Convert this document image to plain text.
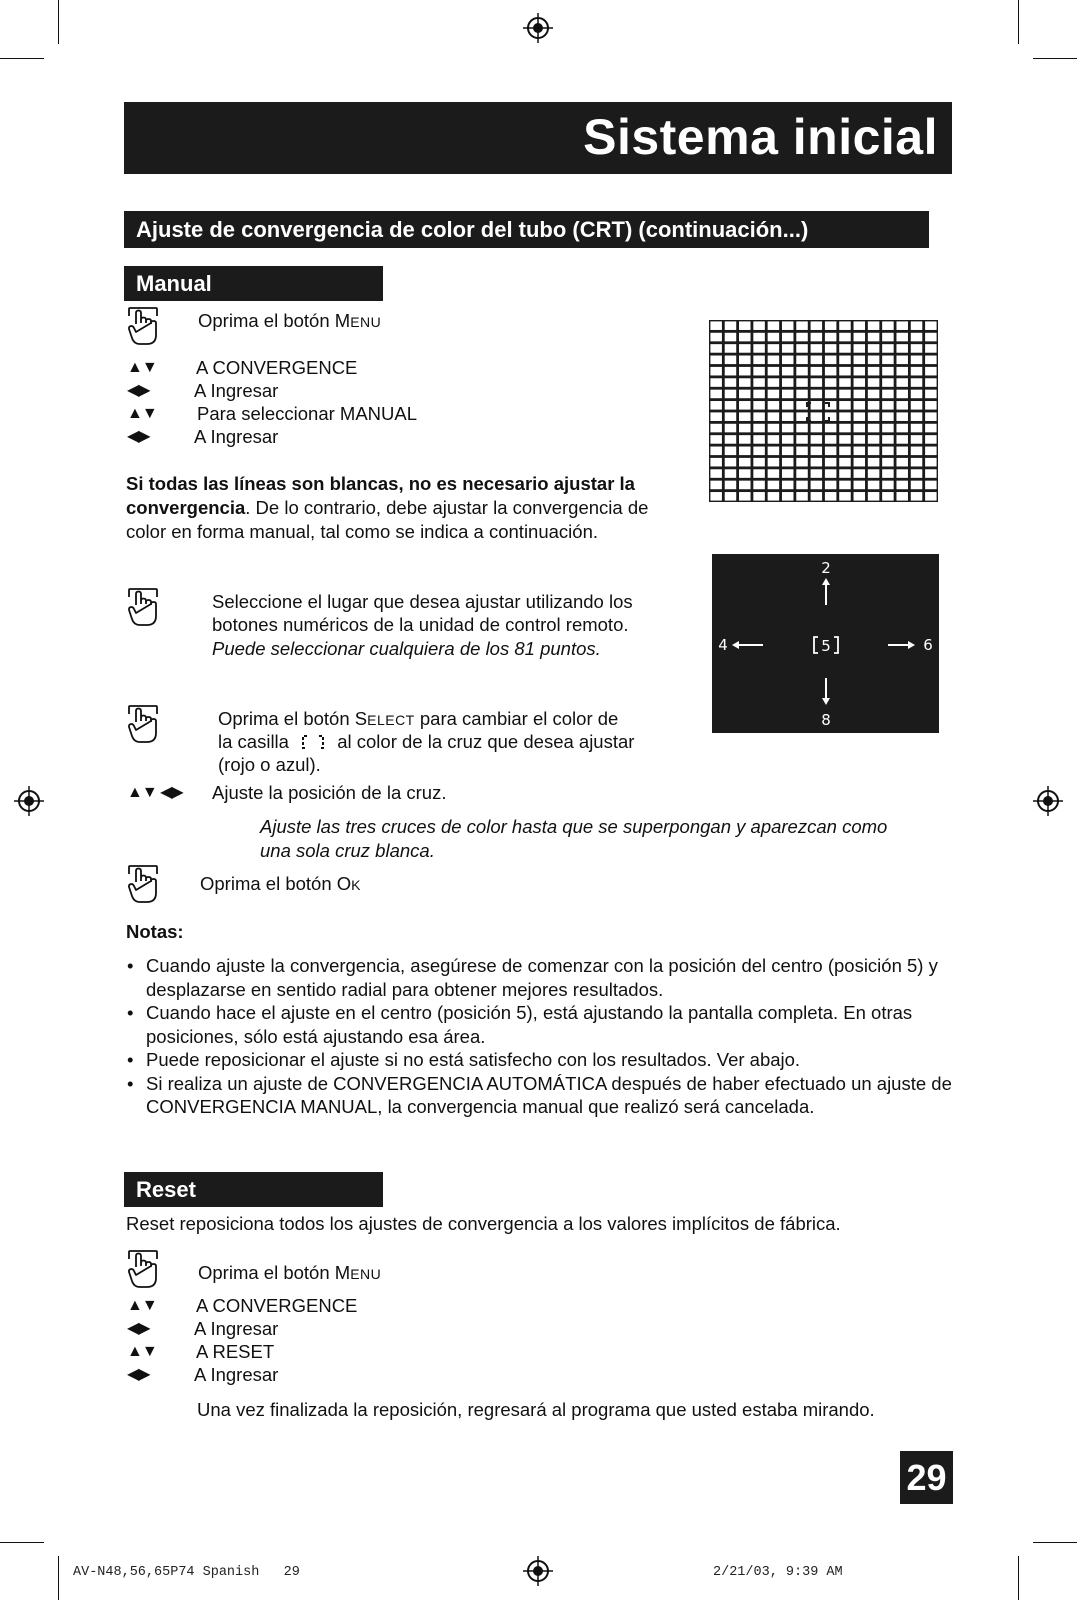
Sistema inicial
Ajuste de convergencia de color del tubo (CRT) (continuación...)
Manual
Oprima el botón MENU
▲▼ A CONVERGENCE
◀▶ A Ingresar
▲▼ Para seleccionar MANUAL
◀▶ A Ingresar
Si todas las líneas son blancas, no es necesario ajustar la
convergencia. De lo contrario, debe ajustar la convergencia de
color en forma manual, tal como se indica a continuación.
Seleccione el lugar que desea ajustar utilizando los
botones numéricos de la unidad de control remoto.
Puede seleccionar cualquiera de los 81 puntos.
2
4	5	6
8
Oprima el botón SELECT para cambiar el color de
la casilla	al color de la cruz que desea ajustar
(rojo o azul).
▲▼ ◀▶ Ajuste la posición de la cruz.
Ajuste las tres cruces de color hasta que se superpongan y aparezcan como
una sola cruz blanca.
Oprima el botón OK
Notas:
• Cuando ajuste la convergencia, asegúrese de comenzar con la posición del centro (posición 5) y desplazarse en sentido radial para obtener mejores resultados.
• Cuando hace el ajuste en el centro (posición 5), está ajustando la pantalla completa. En otras posiciones, sólo está ajustando esa área.
• Puede reposicionar el ajuste si no está satisfecho con los resultados. Ver abajo.
• Si realiza un ajuste de CONVERGENCIA AUTOMÁTICA después de haber efectuado un ajuste de CONVERGENCIA MANUAL, la convergencia manual que realizó será cancelada.
Reset
Reset reposiciona todos los ajustes de convergencia a los valores implícitos de fábrica.
Oprima el botón MENU
▲▼ A CONVERGENCE
◀▶ A Ingresar
▲▼ A RESET
◀▶ A Ingresar
Una vez finalizada la reposición, regresará al programa que usted estaba mirando.
29
AV-N48,56,65P74 Spanish   29	2/21/03, 9:39 AM
